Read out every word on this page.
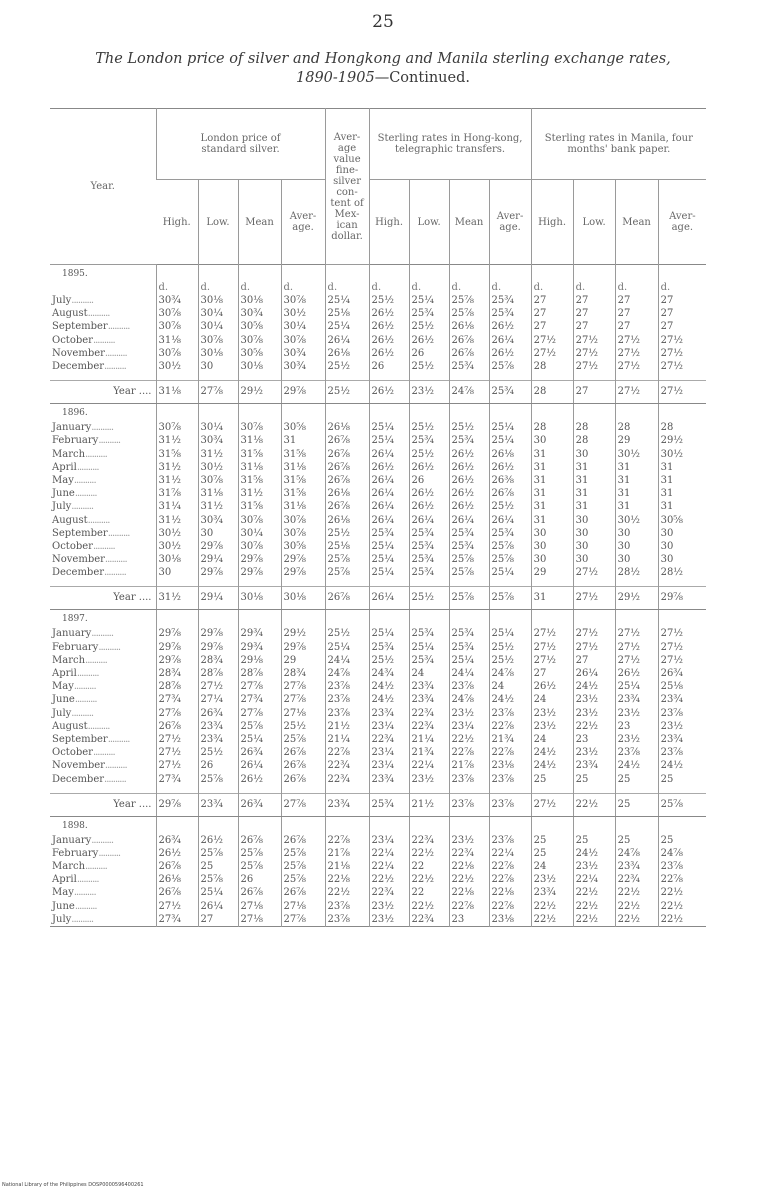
25
The London price of silver and Hongkong and Manila sterling exchange rates, 1890-1905—Continued.
Year.	London price of standard silver.				Aver-age value fine-silver con-tent of Mex-ican dollar.	Sterling rates in Hong-kong, telegraphic transfers.				Sterling rates in Manila, four months' bank paper.			
	High.	Low.	Mean	Aver-age.		High.	Low.	Mean	Aver-age.	High.	Low.	Mean	Aver-age.
1895.													
	d.	d.	d.	d.	d.	d.	d.	d.	d.	d.	d.	d.	d.
July..........	30¾	30⅛	30⅛	30⅞	25¼	25½	25¼	25⅞	25¾	27	27	27	27
August..........	30⅞	30¼	30¾	30½	25⅛	26½	25¾	25⅞	25¾	27	27	27	27
September..........	30⅞	30¼	30⅝	30¼	25¼	26½	25½	26⅛	26½	27	27	27	27
October..........	31⅛	30⅞	30⅞	30⅞	26¼	26½	26½	26⅞	26¼	27½	27½	27½	27½
November..........	30⅞	30⅛	30⅝	30¾	26⅛	26½	26	26⅞	26½	27½	27½	27½	27½
December..........	30½	30	30⅛	30¾	25½	26	25½	25¾	25⅞	28	27½	27½	27½

Year ....	31⅛	27⅞	29½	29⅞	25½	26½	23½	24⅞	25¾	28	27	27½	27½
1896.													
January..........	30⅞	30¼	30⅞	30⅝	26⅛	25¼	25½	25½	25¼	28	28	28	28
February..........	31½	30¾	31⅛	31	26⅞	25¼	25¾	25¾	25¼	30	28	29	29½
March..........	31⅝	31½	31⅝	31⅝	26⅞	26¼	25½	26½	26⅛	31	30	30½	30½
April..........	31½	30½	31⅛	31⅛	26⅞	26½	26½	26½	26½	31	31	31	31
May..........	31½	30⅞	31⅝	31⅝	26⅞	26¼	26	26½	26⅜	31	31	31	31
June..........	31⅞	31⅛	31½	31⅝	26⅛	26¼	26½	26½	26⅞	31	31	31	31
July..........	31¼	31½	31⅝	31⅛	26⅞	26¼	26½	26½	25½	31	31	31	31
August..........	31½	30¾	30⅞	30⅞	26⅛	26¼	26¼	26¼	26¼	31	30	30½	30⅝
September..........	30½	30	30¼	30⅞	25½	25¾	25¾	25¾	25¾	30	30	30	30
October..........	30½	29⅞	30⅞	30⅝	25⅛	25¼	25¾	25¾	25⅞	30	30	30	30
November..........	30⅛	29¼	29⅞	29⅞	25⅞	25¼	25¾	25⅞	25⅞	30	30	30	30
December..........	30	29⅞	29⅞	29⅞	25⅞	25¼	25¾	25⅞	25¼	29	27½	28½	28½

Year ....	31½	29¼	30⅛	30⅛	26⅞	26¼	25½	25⅞	25⅞	31	27½	29½	29⅞
1897.													
January..........	29⅞	29⅞	29¾	29½	25½	25¼	25¾	25¾	25¼	27½	27½	27½	27½
February..........	29⅞	29⅞	29¾	29⅞	25¼	25¾	25¼	25¾	25½	27½	27½	27½	27½
March..........	29⅞	28¾	29⅛	29	24¼	25½	25¾	25¼	25½	27½	27	27½	27½
April..........	28¾	28⅞	28⅞	28¾	24⅞	24¾	24	24¼	24⅞	27	26¼	26½	26¾
May..........	28⅞	27½	27⅞	27⅞	23⅞	24½	23¾	23⅞	24	26½	24½	25¼	25⅛
June..........	27¾	27¼	27¾	27⅞	23⅞	24½	23¾	24⅞	24½	24	23½	23¾	23¾
July..........	27⅞	26¾	27⅞	27⅛	23⅞	23¾	22¾	23½	23⅞	23½	23½	23½	23⅞
August..........	26⅞	23¾	25⅞	25½	21½	23¼	22¾	23¼	22⅞	23½	22½	23	23½
September..........	27½	23¾	25¼	25⅞	21¼	22¾	21¼	22½	21¾	24	23	23½	23¾
October..........	27½	25½	26¾	26⅞	22⅞	23¼	21¾	22⅞	22⅞	24½	23½	23⅞	23⅞
November..........	27½	26	26¼	26⅞	22¾	23¼	22¼	21⅞	23⅛	24½	23¾	24½	24½
December..........	27¾	25⅞	26½	26⅞	22¾	23¾	23½	23⅞	23⅞	25	25	25	25

Year ....	29⅞	23¾	26¾	27⅞	23¾	25¾	21½	23⅞	23⅞	27½	22½	25	25⅞
1898.													
January..........	26¾	26½	26⅞	26⅞	22⅞	23¼	22¾	23½	23⅞	25	25	25	25
February..........	26½	25⅞	25⅞	25⅞	21⅞	22¼	22½	22¾	22¼	25	24½	24⅞	24⅞
March..........	26⅞	25	25⅞	25⅞	21⅛	22¼	22	22⅛	22⅞	24	23½	23¾	23⅞
April..........	26⅛	25⅞	26	25⅞	22⅛	22½	22½	22½	22⅞	23½	22¼	22¾	22⅞
May..........	26⅞	25¼	26⅞	26⅞	22½	22¾	22	22⅛	22⅛	23¾	22½	22½	22½
June..........	27½	26¼	27⅛	27⅛	23⅞	23½	22½	22⅞	22⅞	22½	22½	22½	22½
July..........	27¾	27	27⅛	27⅞	23⅞	23½	22¾	23	23⅛	22½	22½	22½	22½
National Library of the Philippines DOSP0000596400261
